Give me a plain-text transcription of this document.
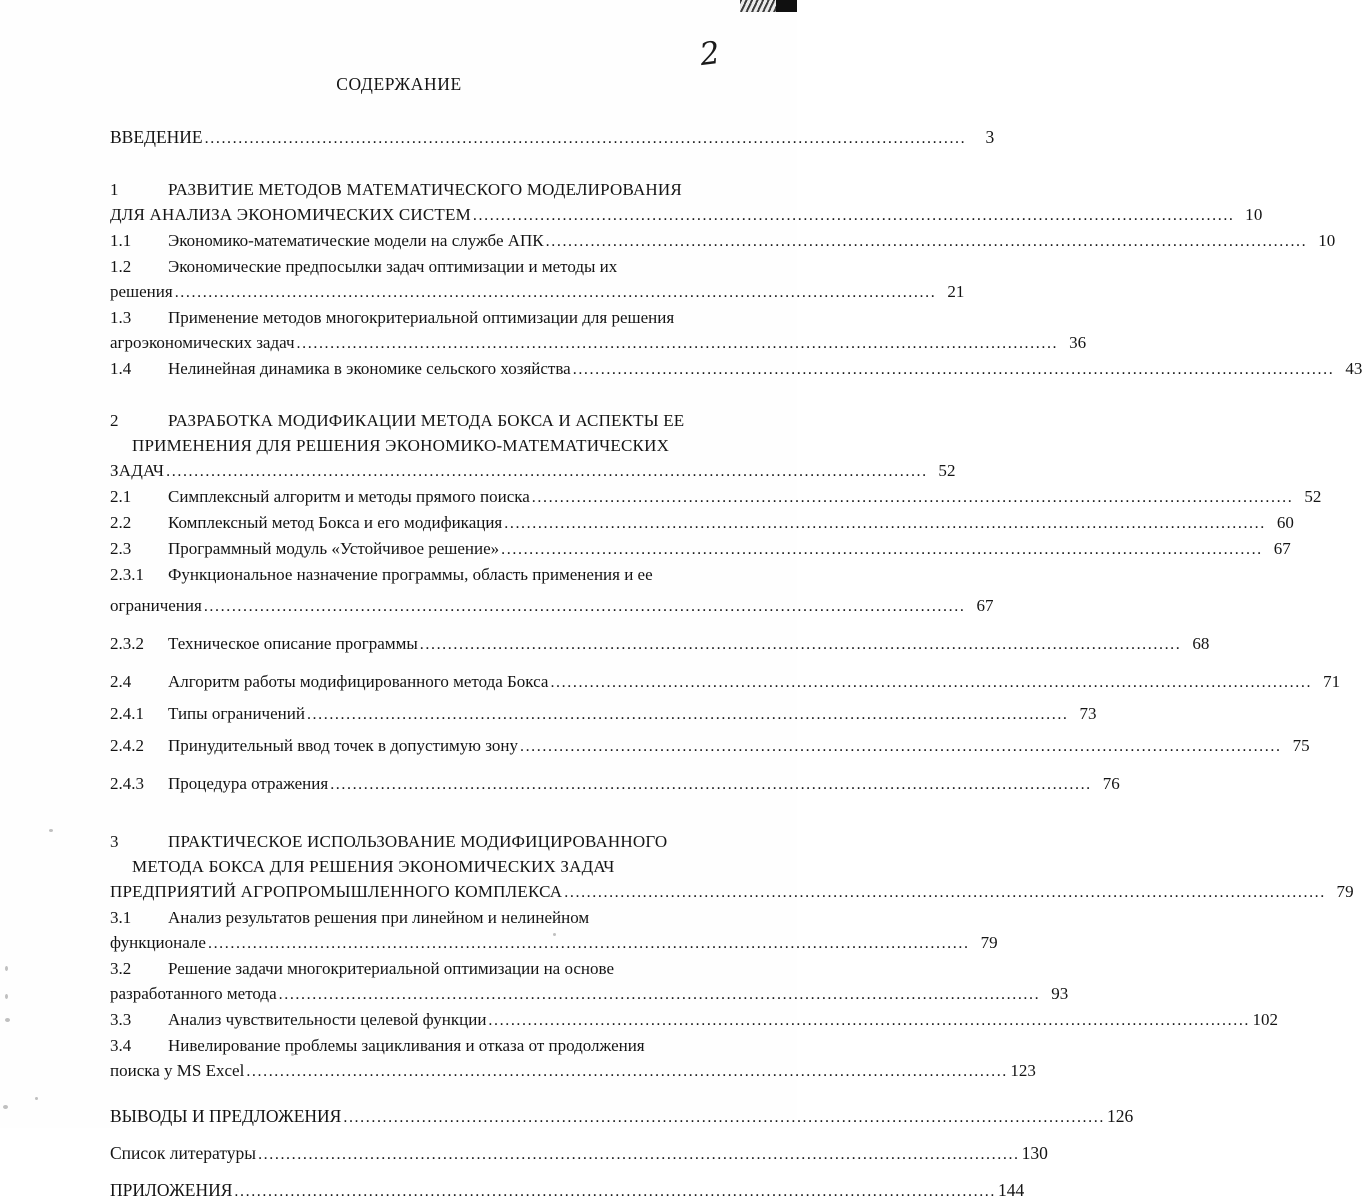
2
СОДЕРЖАНИЕ
ВВЕДЕНИЕ .....	3
1	РАЗВИТИЕ МЕТОДОВ МАТЕМАТИЧЕСКОГО МОДЕЛИРОВАНИЯ
ДЛЯ АНАЛИЗА ЭКОНОМИЧЕСКИХ СИСТЕМ .....	10
1.1	Экономико-математические модели на службе АПК .....	10
1.2	Экономические предпосылки задач оптимизации и методы их
решения .....	21
1.3	Применение методов многокритериальной оптимизации для решения
агроэкономических задач .....	36
1.4	Нелинейная динамика в экономике сельского хозяйства .....	43
2	РАЗРАБОТКА МОДИФИКАЦИИ МЕТОДА БОКСА И АСПЕКТЫ ЕЕ
ПРИМЕНЕНИЯ ДЛЯ РЕШЕНИЯ ЭКОНОМИКО-МАТЕМАТИЧЕСКИХ
ЗАДАЧ .....	52
2.1	Симплексный алгоритм и методы прямого поиска .....	52
2.2	Комплексный метод Бокса и его модификация .....	60
2.3	Программный модуль «Устойчивое решение» .....	67
2.3.1	Функциональное назначение программы, область применения и ее
ограничения .....	67
2.3.2	Техническое описание программы .....	68
2.4	Алгоритм работы модифицированного метода Бокса .....	71
2.4.1	Типы ограничений .....	73
2.4.2	Принудительный ввод точек в допустимую зону .....	75
2.4.3	Процедура отражения .....	76
3	ПРАКТИЧЕСКОЕ ИСПОЛЬЗОВАНИЕ МОДИФИЦИРОВАННОГО
МЕТОДА БОКСА ДЛЯ РЕШЕНИЯ ЭКОНОМИЧЕСКИХ ЗАДАЧ
ПРЕДПРИЯТИЙ АГРОПРОМЫШЛЕННОГО КОМПЛЕКСА .....	79
3.1	Анализ результатов решения при линейном и нелинейном
функционале .....	79
3.2	Решение задачи многокритериальной оптимизации на основе
разработанного метода .....	93
3.3	Анализ чувствительности целевой функции .....	102
3.4	Нивелирование проблемы зацикливания и отказа от продолжения
поиска у MS Excel .....	123
ВЫВОДЫ И ПРЕДЛОЖЕНИЯ .....	126
Список литературы .....	130
ПРИЛОЖЕНИЯ .....	144
